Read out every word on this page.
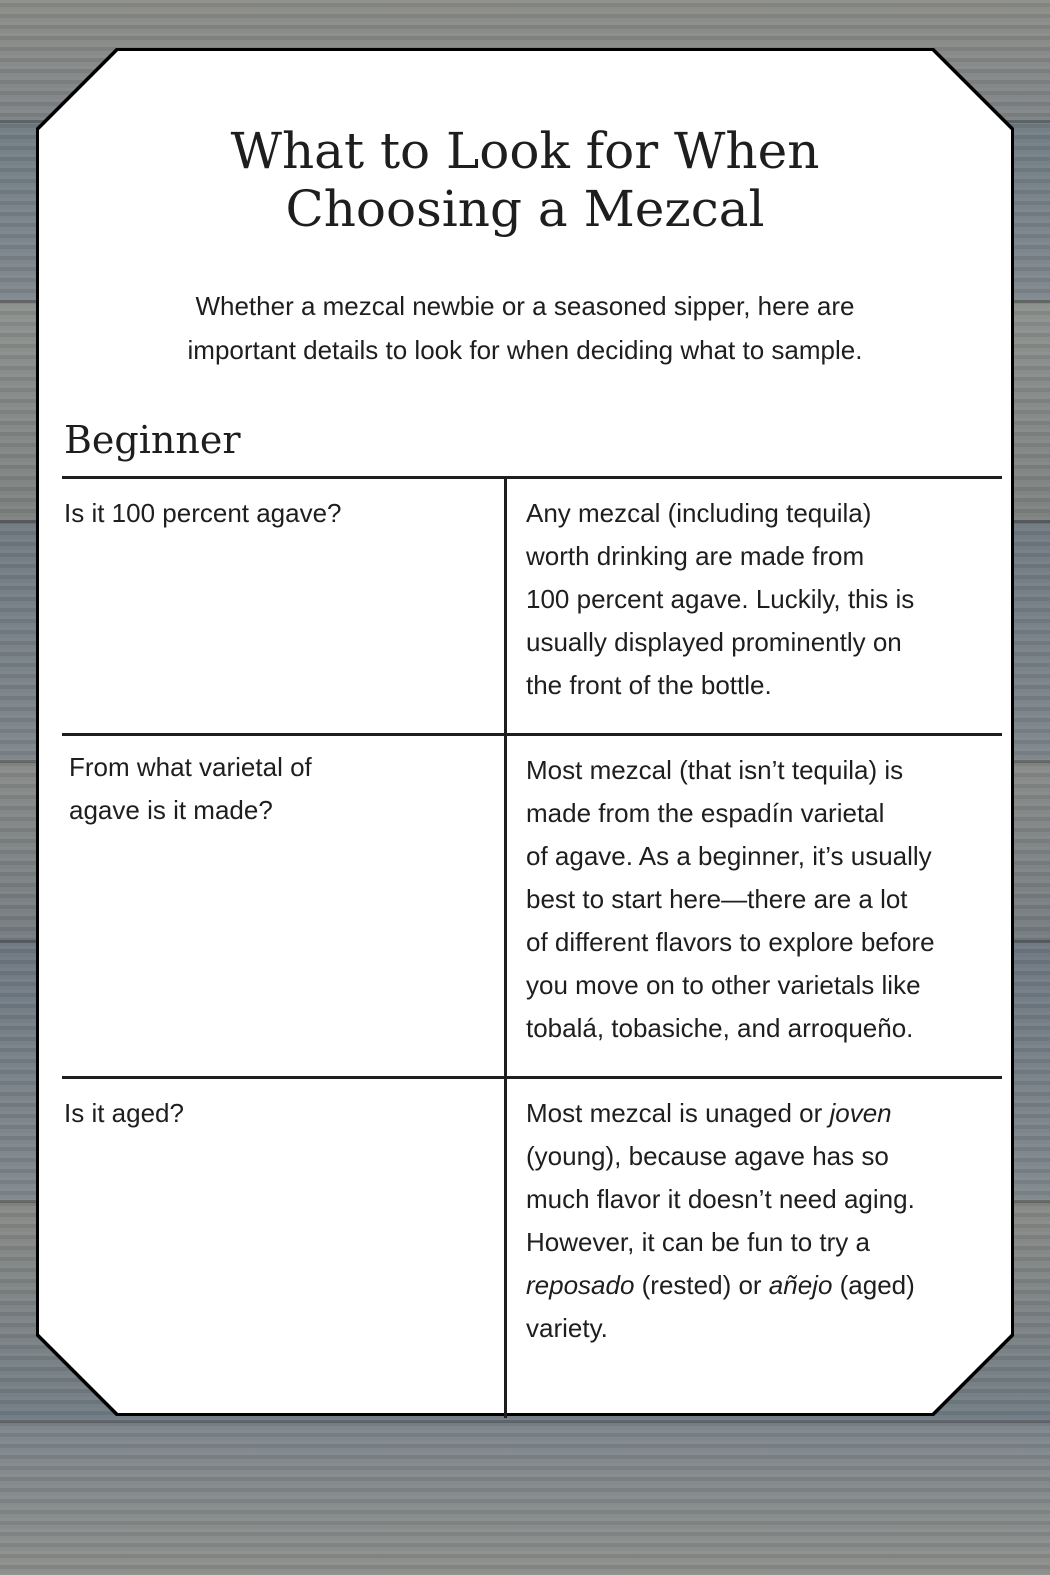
What to Look for When
Choosing a Mezcal

Whether a mezcal newbie or a seasoned sipper, here are
important details to look for when deciding what to sample.

Beginner
Is it 100 percent agave?	Any mezcal (including tequila)
worth drinking are made from
100 percent agave. Luckily, this is
usually displayed prominently on
the front of the bottle.
From what varietal of
agave is it made?
Most mezcal (that isn’t tequila) is
made from the espadín varietal
of agave. As a beginner, it’s usually
best to start here—there are a lot
of different flavors to explore before
you move on to other varietals like
tobalá, tobasiche, and arroqueño.
Is it aged?	Most mezcal is unaged or joven
(young), because agave has so
much flavor it doesn’t need aging.
However, it can be fun to try a
reposado (rested) or añejo (aged)
variety.
